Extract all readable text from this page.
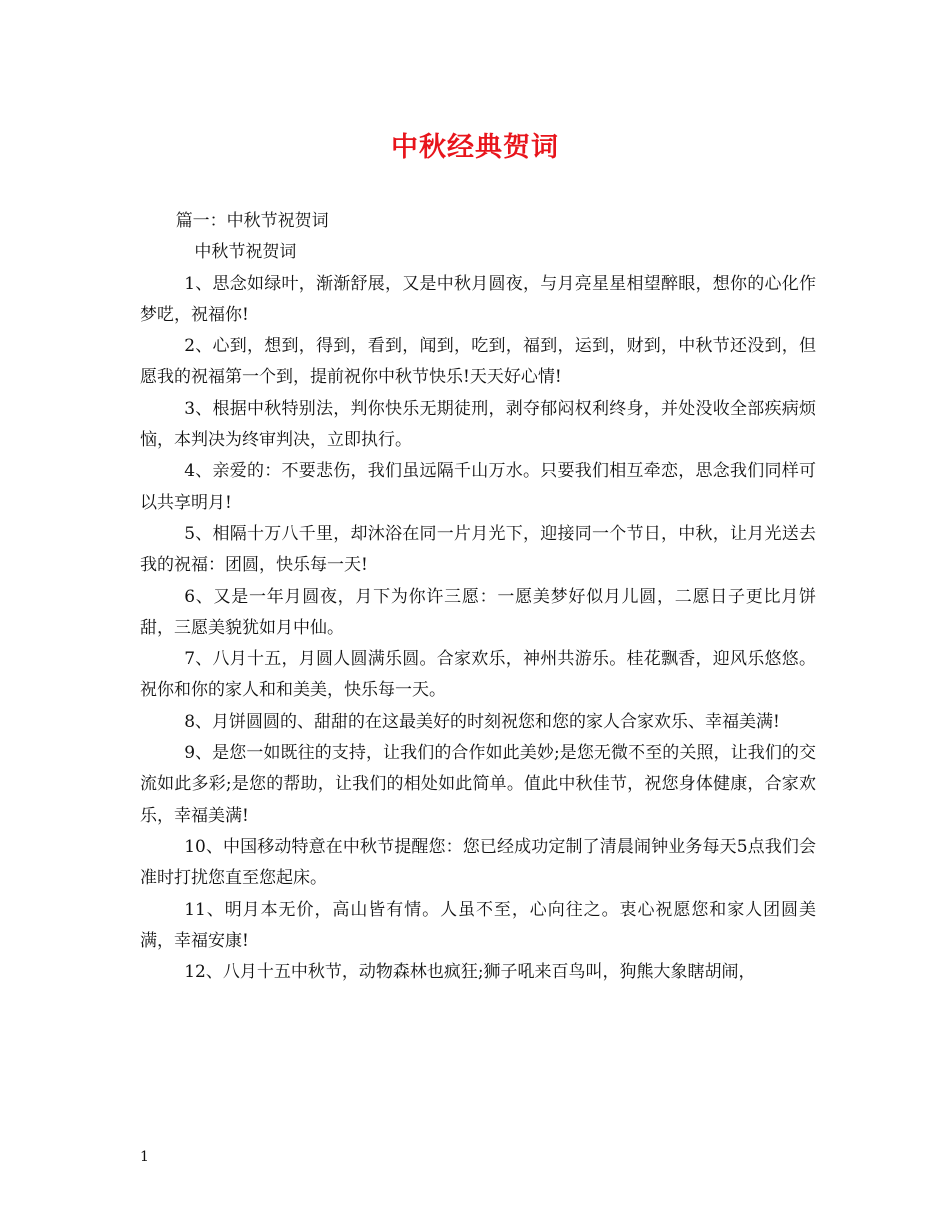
中秋经典贺词

篇一：中秋节祝贺词

中秋节祝贺词

1、思念如绿叶，渐渐舒展，又是中秋月圆夜，与月亮星星相望醉眼，想你的心化作梦呓，祝福你!

2、心到，想到，得到，看到，闻到，吃到，福到，运到，财到，中秋节还没到，但愿我的祝福第一个到，提前祝你中秋节快乐!天天好心情!

3、根据中秋特别法，判你快乐无期徒刑，剥夺郁闷权利终身，并处没收全部疾病烦恼，本判决为终审判决，立即执行。

4、亲爱的：不要悲伤，我们虽远隔千山万水。只要我们相互牵恋，思念我们同样可以共享明月!

5、相隔十万八千里，却沐浴在同一片月光下，迎接同一个节日，中秋，让月光送去我的祝福：团圆，快乐每一天!

6、又是一年月圆夜，月下为你许三愿：一愿美梦好似月儿圆，二愿日子更比月饼甜，三愿美貌犹如月中仙。

7、八月十五，月圆人圆满乐圆。合家欢乐，神州共游乐。桂花飘香，迎风乐悠悠。祝你和你的家人和和美美，快乐每一天。

8、月饼圆圆的、甜甜的在这最美好的时刻祝您和您的家人合家欢乐、幸福美满!

9、是您一如既往的支持，让我们的合作如此美妙;是您无微不至的关照，让我们的交流如此多彩;是您的帮助，让我们的相处如此简单。值此中秋佳节，祝您身体健康，合家欢乐，幸福美满!

10、中国移动特意在中秋节提醒您：您已经成功定制了清晨闹钟业务每天5点我们会准时打扰您直至您起床。

11、明月本无价，高山皆有情。人虽不至，心向往之。衷心祝愿您和家人团圆美满，幸福安康!

12、八月十五中秋节，动物森林也疯狂;狮子吼来百鸟叫，狗熊大象瞎胡闹，

1
